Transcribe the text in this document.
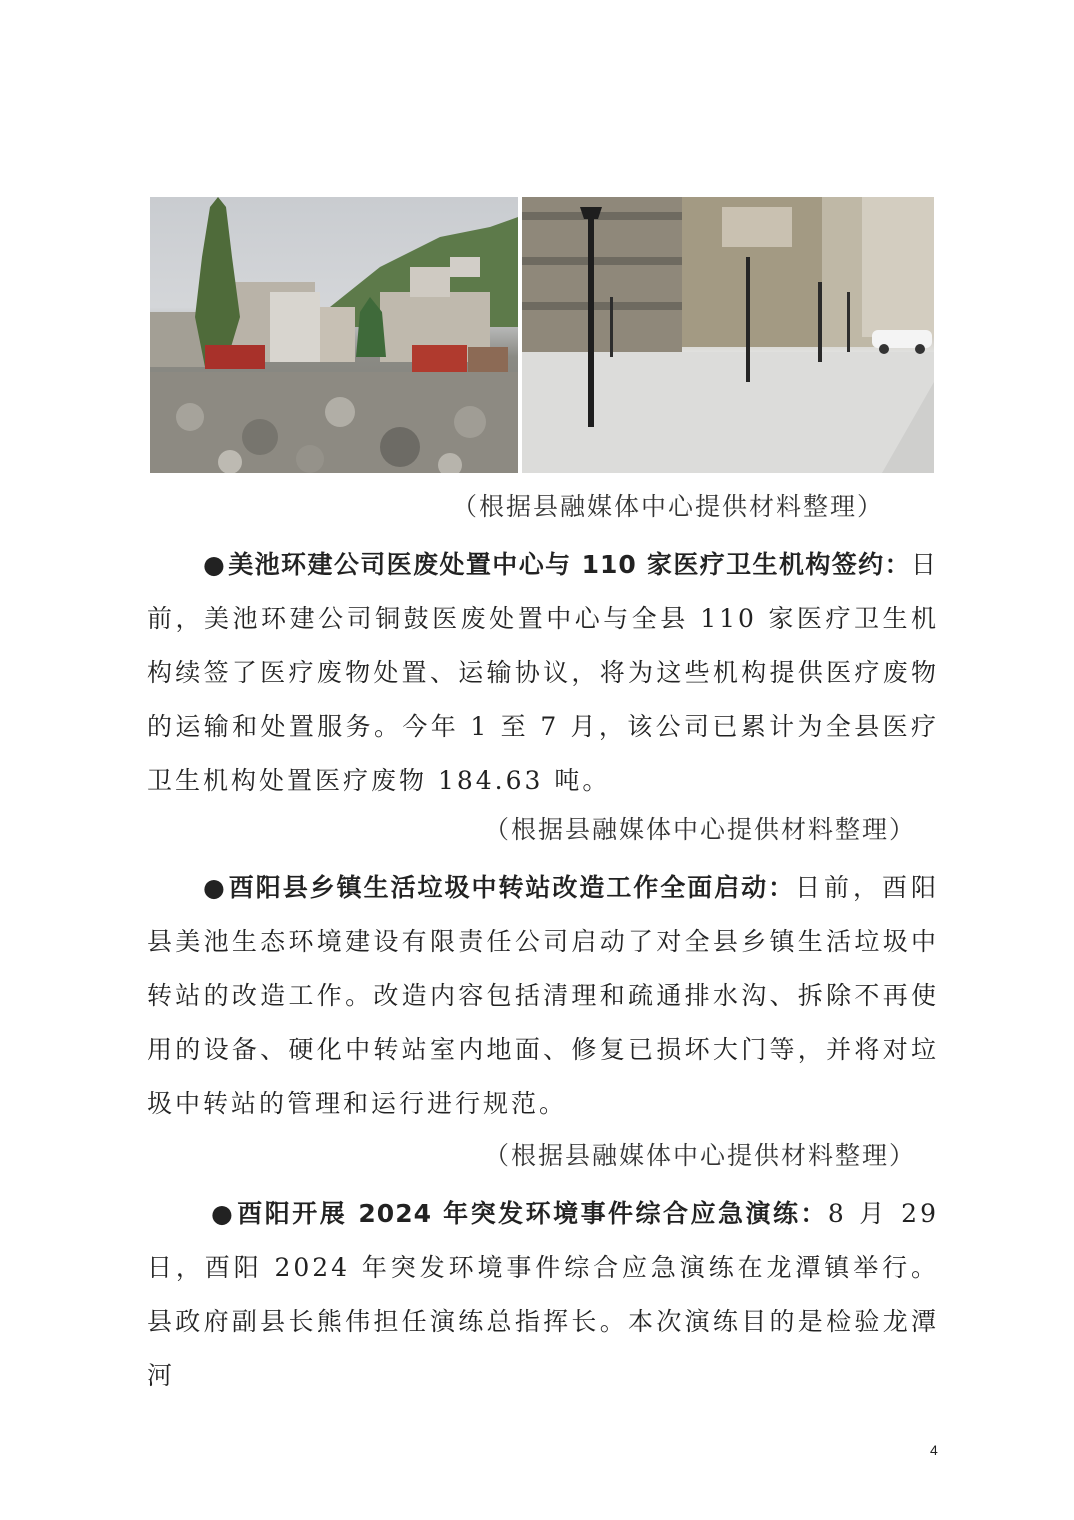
（根据县融媒体中心提供材料整理）

●美池环建公司医废处置中心与 110 家医疗卫生机构签约：日前，美池环建公司铜鼓医废处置中心与全县 110 家医疗卫生机构续签了医疗废物处置、运输协议，将为这些机构提供医疗废物的运输和处置服务。今年 1 至 7 月，该公司已累计为全县医疗卫生机构处置医疗废物 184.63 吨。

（根据县融媒体中心提供材料整理）

●酉阳县乡镇生活垃圾中转站改造工作全面启动：日前，酉阳县美池生态环境建设有限责任公司启动了对全县乡镇生活垃圾中转站的改造工作。改造内容包括清理和疏通排水沟、拆除不再使用的设备、硬化中转站室内地面、修复已损坏大门等，并将对垃圾中转站的管理和运行进行规范。

（根据县融媒体中心提供材料整理）

●酉阳开展 2024 年突发环境事件综合应急演练：8 月 29 日，酉阳 2024 年突发环境事件综合应急演练在龙潭镇举行。县政府副县长熊伟担任演练总指挥长。本次演练目的是检验龙潭河

4
